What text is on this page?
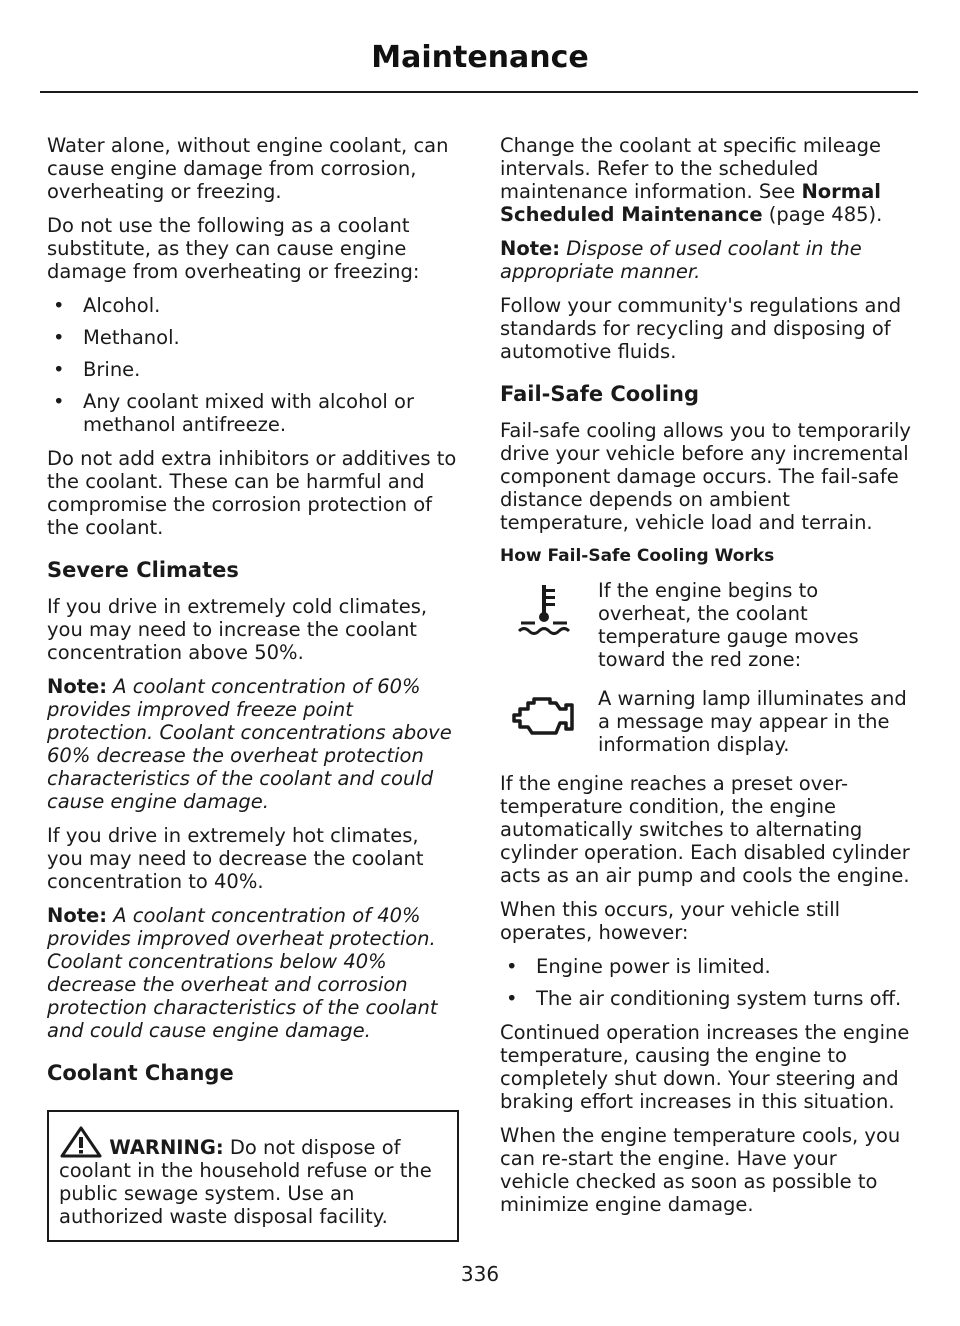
Maintenance

Water alone, without engine coolant, can cause engine damage from corrosion, overheating or freezing.

Do not use the following as a coolant substitute, as they can cause engine damage from overheating or freezing:

• Alcohol.
• Methanol.
• Brine.
• Any coolant mixed with alcohol or methanol antifreeze.

Do not add extra inhibitors or additives to the coolant. These can be harmful and compromise the corrosion protection of the coolant.

Severe Climates

If you drive in extremely cold climates, you may need to increase the coolant concentration above 50%.

Note: A coolant concentration of 60% provides improved freeze point protection. Coolant concentrations above 60% decrease the overheat protection characteristics of the coolant and could cause engine damage.

If you drive in extremely hot climates, you may need to decrease the coolant concentration to 40%.

Note: A coolant concentration of 40% provides improved overheat protection. Coolant concentrations below 40% decrease the overheat and corrosion protection characteristics of the coolant and could cause engine damage.

Coolant Change
WARNING: Do not dispose of coolant in the household refuse or the public sewage system. Use an authorized waste disposal facility.

Change the coolant at specific mileage intervals. Refer to the scheduled maintenance information. See Normal Scheduled Maintenance (page 485).

Note: Dispose of used coolant in the appropriate manner.

Follow your community's regulations and standards for recycling and disposing of automotive fluids.

Fail-Safe Cooling

Fail-safe cooling allows you to temporarily drive your vehicle before any incremental component damage occurs. The fail-safe distance depends on ambient temperature, vehicle load and terrain.

How Fail-Safe Cooling Works

If the engine begins to overheat, the coolant temperature gauge moves toward the red zone:

A warning lamp illuminates and a message may appear in the information display.

If the engine reaches a preset over-temperature condition, the engine automatically switches to alternating cylinder operation. Each disabled cylinder acts as an air pump and cools the engine.

When this occurs, your vehicle still operates, however:

• Engine power is limited.
• The air conditioning system turns off.

Continued operation increases the engine temperature, causing the engine to completely shut down. Your steering and braking effort increases in this situation.

When the engine temperature cools, you can re-start the engine. Have your vehicle checked as soon as possible to minimize engine damage.

336
